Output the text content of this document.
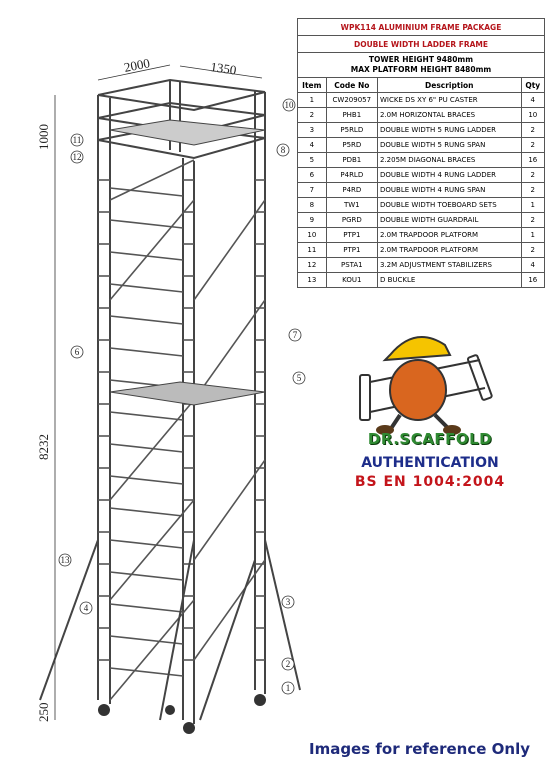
2000	1350
1000
8232
250
1
2
3
4
5
6
7
8
10
11
12
13
WPK114 ALUMINIUM FRAME PACKAGE			
DOUBLE WIDTH LADDER FRAME			

TOWER HEIGHT 9480mm
MAX PLATFORM HEIGHT 8480mm			

Item	Code No	Description	Qty
1	CW209057	WICKE DS XY 6" PU CASTER	4
2	PHB1	2.0M HORIZONTAL BRACES	10
3	P5RLD	DOUBLE WIDTH 5 RUNG LADDER	2
4	P5RD	DOUBLE WIDTH 5 RUNG SPAN	2
5	PDB1	2.205M DIAGONAL BRACES	16
6	P4RLD	DOUBLE WIDTH 4 RUNG LADDER	2
7	P4RD	DOUBLE WIDTH 4 RUNG SPAN	2
8	TW1	DOUBLE WIDTH TOEBOARD SETS	1
9	PGRD	DOUBLE WIDTH GUARDRAIL	2
10	PTP1	2.0M TRAPDOOR PLATFORM	1
11	PTP1	2.0M TRAPDOOR PLATFORM	2
12	PSTA1	3.2M ADJUSTMENT STABILIZERS	4
13	KOU1	D BUCKLE	16
DR.SCAFFOLD
AUTHENTICATION
BS EN 1004:2004
Images for reference Only
